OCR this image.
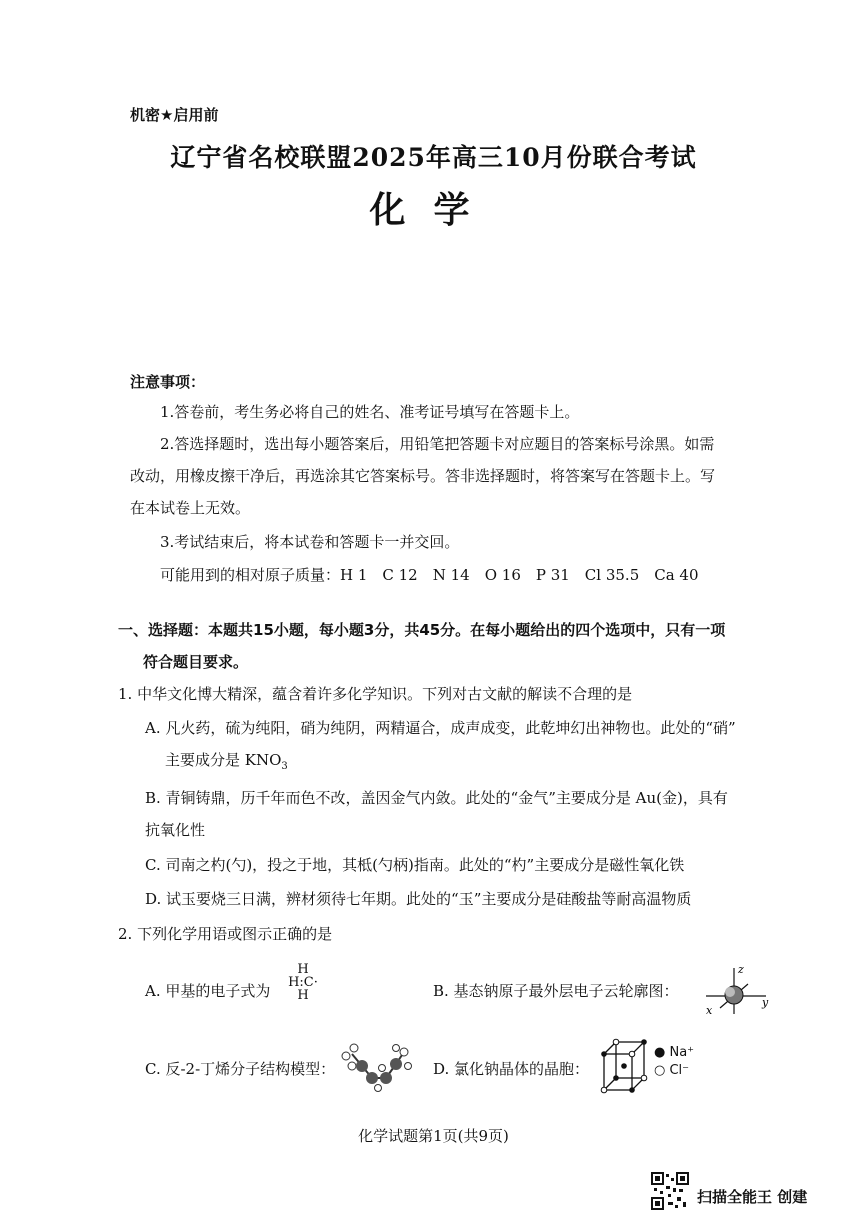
机密★启用前
辽宁省名校联盟2025年高三10月份联合考试
化学
注意事项：
1.答卷前，考生务必将自己的姓名、准考证号填写在答题卡上。
2.答选择题时，选出每小题答案后，用铅笔把答题卡对应题目的答案标号涂黑。如需
改动，用橡皮擦干净后，再选涂其它答案标号。答非选择题时，将答案写在答题卡上。写
在本试卷上无效。
3.考试结束后，将本试卷和答题卡一并交回。
可能用到的相对原子质量：H 1　C 12　N 14　O 16　P 31　Cl 35.5　Ca 40
一、选择题：本题共15小题，每小题3分，共45分。在每小题给出的四个选项中，只有一项
符合题目要求。
1. 中华文化博大精深，蕴含着许多化学知识。下列对古文献的解读不合理的是
A. 凡火药，硫为纯阳，硝为纯阴，两精逼合，成声成变，此乾坤幻出神物也。此处的“硝”
主要成分是 $KNO_3$
B. 青铜铸鼎，历千年而色不改，盖因金气内敛。此处的“金气”主要成分是 Au(金)，具有
抗氧化性
C. 司南之杓(勺)，投之于地，其柢(勺柄)指南。此处的“杓”主要成分是磁性氧化铁
D. 试玉要烧三日满，辨材须待七年期。此处的“玉”主要成分是硅酸盐等耐高温物质
2. 下列化学用语或图示正确的是
A. 甲基的电子式为
H
H:C·
H	B. 基态钠原子最外层电子云轮廓图：
z
y
x
C. 反-2-丁烯分子结构模型：	D. 氯化钠晶体的晶胞：
● Na⁺
○ Cl⁻
化学试题第1页(共9页)
扫描全能王 创建
